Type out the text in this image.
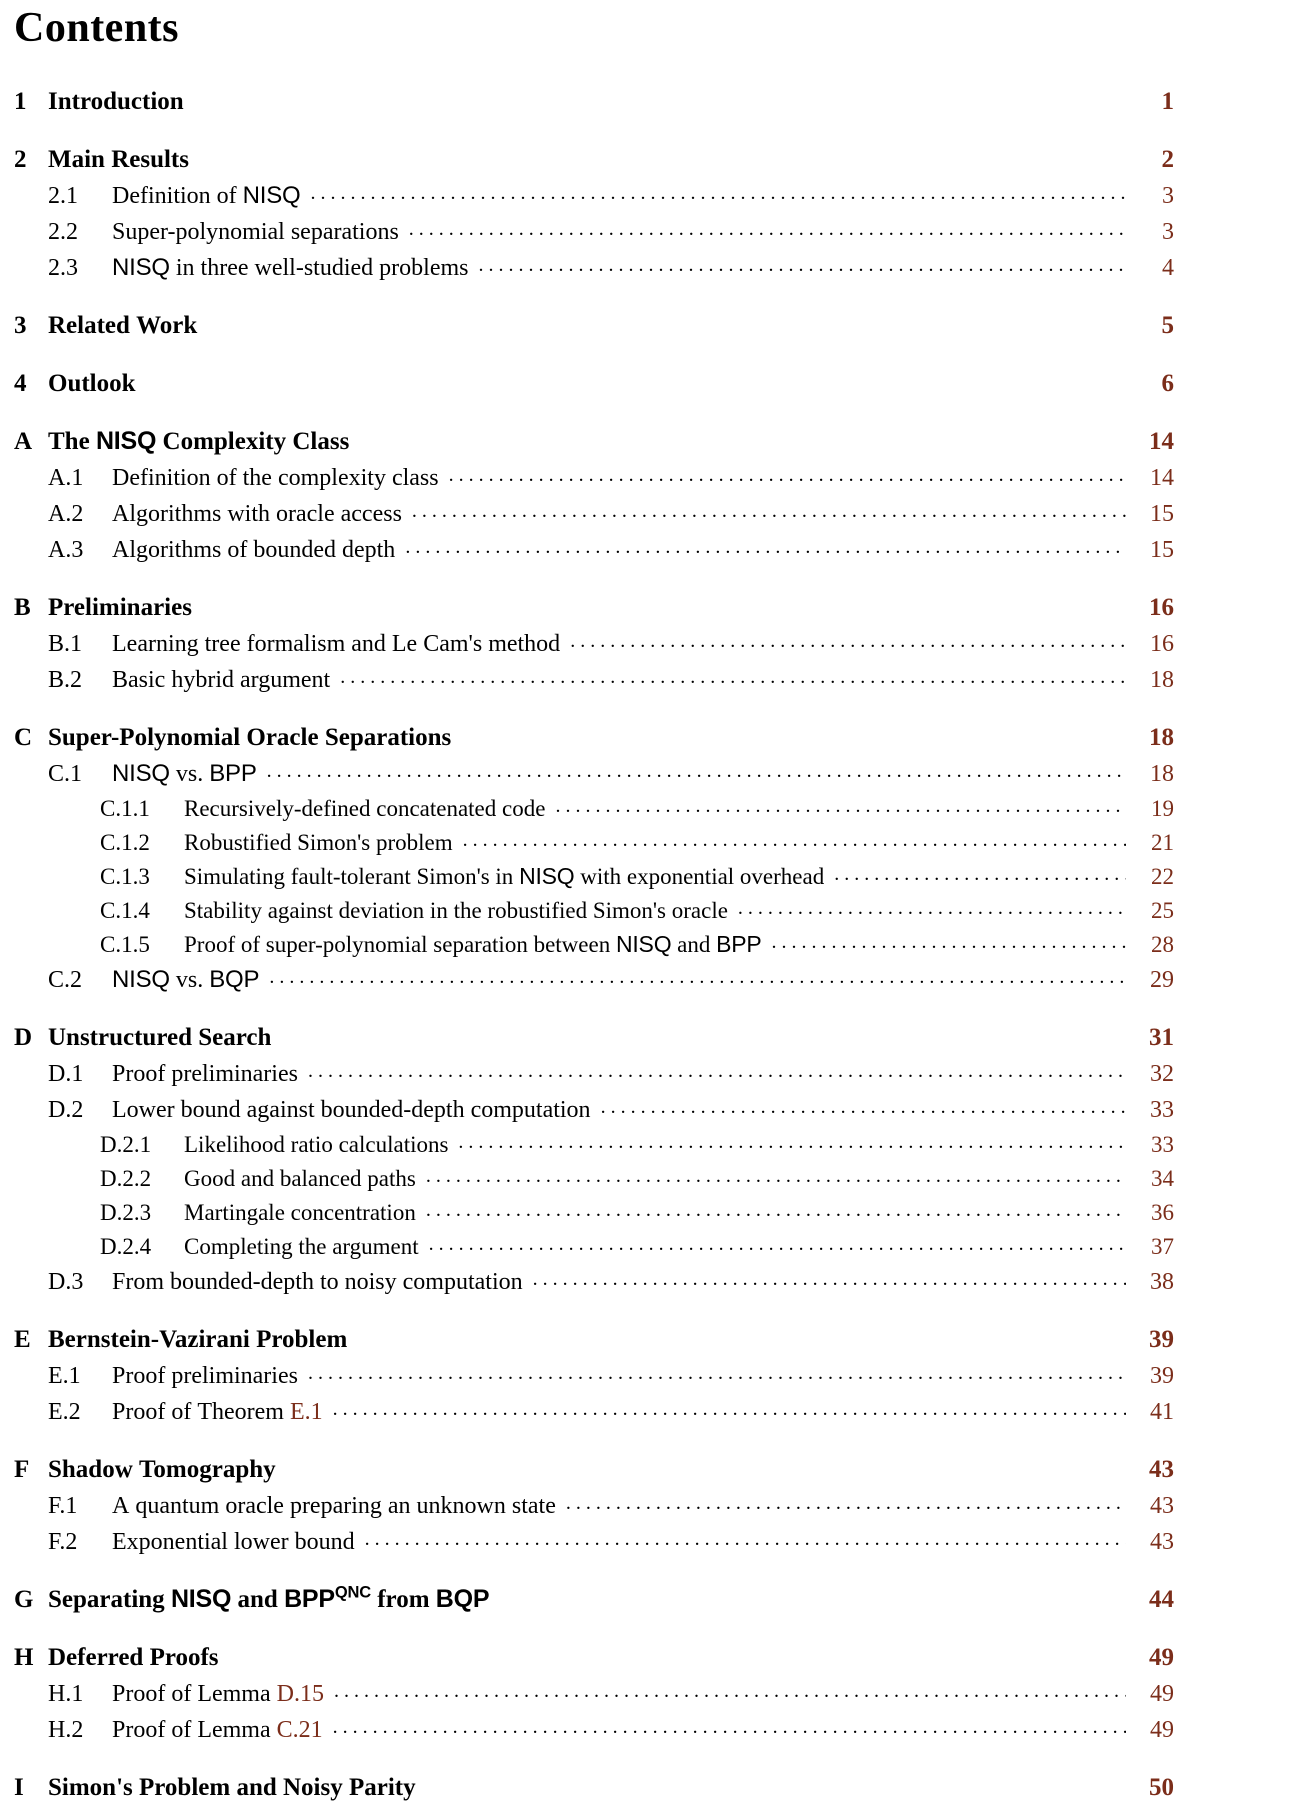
Contents
1 Introduction	1
2 Main Results	2
2.1	Definition of NISQ . . .	3
2.2	Super-polynomial separations . . .	3
2.3	NISQ in three well-studied problems . . .	4
3 Related Work	5
4 Outlook	6
A The NISQ Complexity Class	14
A.1	Definition of the complexity class . . .	14
A.2	Algorithms with oracle access . . .	15
A.3	Algorithms of bounded depth . . .	15
B Preliminaries	16
B.1	Learning tree formalism and Le Cam's method . . .	16
B.2	Basic hybrid argument . . .	18
C Super-Polynomial Oracle Separations	18
C.1	NISQ vs. BPP . . .	18
C.1.1	Recursively-defined concatenated code . . .	19
C.1.2	Robustified Simon's problem . . .	21
C.1.3	Simulating fault-tolerant Simon's in NISQ with exponential overhead . . .	22
C.1.4	Stability against deviation in the robustified Simon's oracle . . .	25
C.1.5	Proof of super-polynomial separation between NISQ and BPP . . .	28
C.2	NISQ vs. BQP . . .	29
D Unstructured Search	31
D.1	Proof preliminaries . . .	32
D.2	Lower bound against bounded-depth computation . . .	33
D.2.1	Likelihood ratio calculations . . .	33
D.2.2	Good and balanced paths . . .	34
D.2.3	Martingale concentration . . .	36
D.2.4	Completing the argument . . .	37
D.3	From bounded-depth to noisy computation . . .	38
E Bernstein-Vazirani Problem	39
E.1	Proof preliminaries . . .	39
E.2	Proof of Theorem E.1 . . .	41
F Shadow Tomography	43
F.1	A quantum oracle preparing an unknown state . . .	43
F.2	Exponential lower bound . . .	43
G Separating NISQ and $BPP^{QNC}$ from BQP	44
H Deferred Proofs	49
H.1	Proof of Lemma D.15 . . .	49
H.2	Proof of Lemma C.21 . . .	49
I Simon's Problem and Noisy Parity	50
